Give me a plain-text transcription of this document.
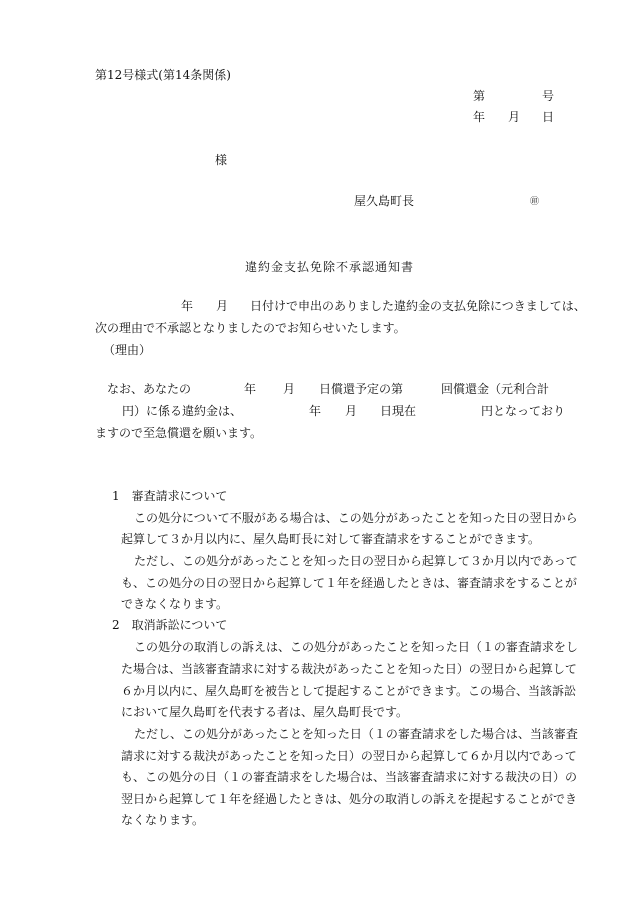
第12号様式(第14条関係)
第	号
年 月 日
様
屋久島町長	㊞
違約金支払免除不承認通知書
年 月 日付けで申出のありました違約金の支払免除につきましては、
次の理由で不承認となりましたのでお知らせいたします。
（理由）
なお、あなたの	年 月 日償還予定の第	回償還金（元利合計
円）に係る違約金は、	年 月 日現在	円となっており
ますので至急償還を願います。
1　審査請求について
この処分について不服がある場合は、この処分があったことを知った日の翌日から
起算して３か月以内に、屋久島町長に対して審査請求をすることができます。
ただし、この処分があったことを知った日の翌日から起算して３か月以内であって
も、この処分の日の翌日から起算して１年を経過したときは、審査請求をすることが
できなくなります。
2　取消訴訟について
この処分の取消しの訴えは、この処分があったことを知った日（１の審査請求をし
た場合は、当該審査請求に対する裁決があったことを知った日）の翌日から起算して
６か月以内に、屋久島町を被告として提起することができます。この場合、当該訴訟
において屋久島町を代表する者は、屋久島町長です。
ただし、この処分があったことを知った日（１の審査請求をした場合は、当該審査
請求に対する裁決があったことを知った日）の翌日から起算して６か月以内であって
も、この処分の日（１の審査請求をした場合は、当該審査請求に対する裁決の日）の
翌日から起算して１年を経過したときは、処分の取消しの訴えを提起することができ
なくなります。
